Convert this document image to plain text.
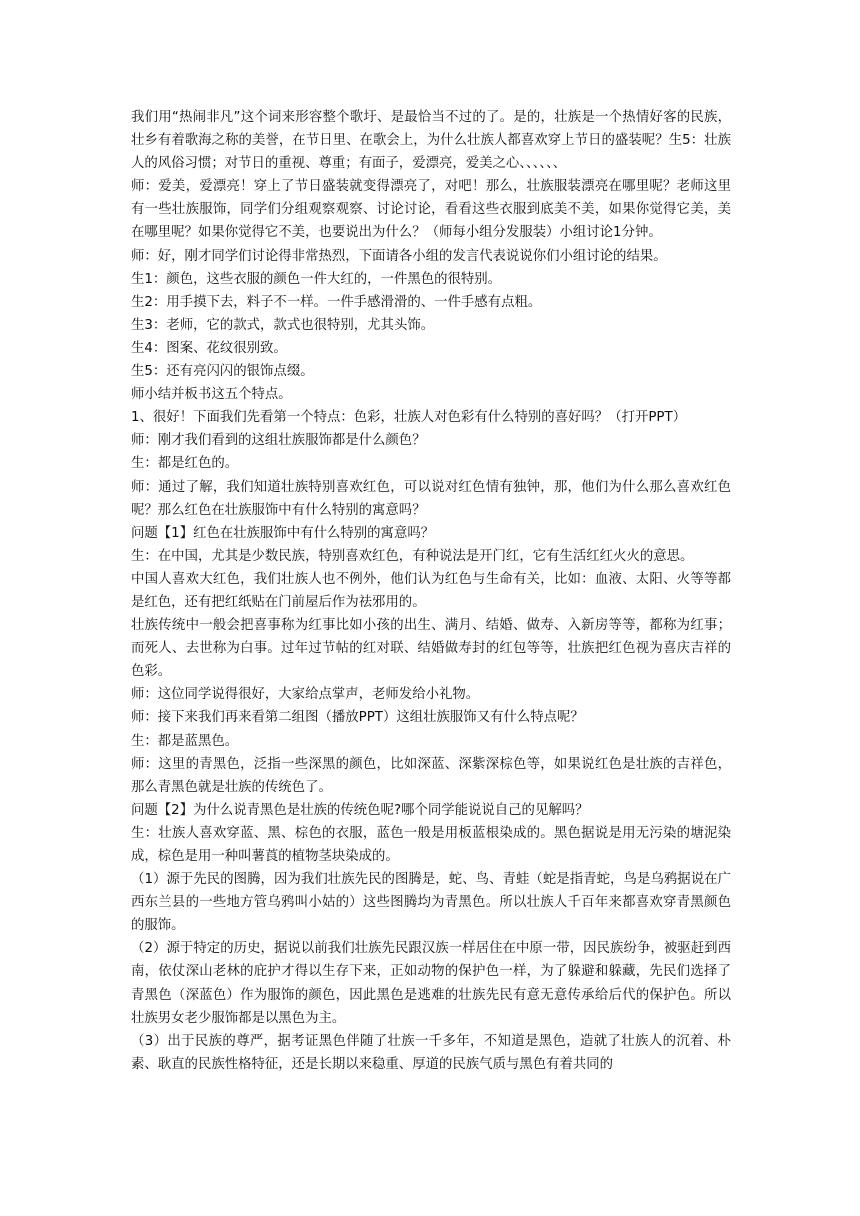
我们用“热闹非凡”这个词来形容整个歌圩、是最恰当不过的了。是的，壮族是一个热情好客的民族，壮乡有着歌海之称的美誉，在节日里、在歌会上，为什么壮族人都喜欢穿上节日的盛装呢？生5：壮族人的风俗习惯；对节日的重视、尊重；有面子，爱漂亮，爱美之心、、、、、、

师：爱美，爱漂亮！穿上了节日盛装就变得漂亮了，对吧！那么，壮族服装漂亮在哪里呢？老师这里有一些壮族服饰，同学们分组观察观察、讨论讨论，看看这些衣服到底美不美，如果你觉得它美，美在哪里呢？如果你觉得它不美，也要说出为什么？（师每小组分发服装）小组讨论1分钟。

师：好，刚才同学们讨论得非常热烈，下面请各小组的发言代表说说你们小组讨论的结果。

生1：颜色，这些衣服的颜色一件大红的，一件黑色的很特别。

生2：用手摸下去，料子不一样。一件手感滑滑的、一件手感有点粗。

生3：老师，它的款式，款式也很特别，尤其头饰。

生4：图案、花纹很别致。

生5：还有亮闪闪的银饰点缀。

师小结并板书这五个特点。

1、很好！下面我们先看第一个特点：色彩，壮族人对色彩有什么特别的喜好吗？（打开PPT）

师：刚才我们看到的这组壮族服饰都是什么颜色？

生：都是红色的。

师：通过了解，我们知道壮族特别喜欢红色，可以说对红色情有独钟，那，他们为什么那么喜欢红色呢？那么红色在壮族服饰中有什么特别的寓意吗？

问题【1】红色在壮族服饰中有什么特别的寓意吗？

生：在中国，尤其是少数民族，特别喜欢红色，有种说法是开门红，它有生活红红火火的意思。

中国人喜欢大红色，我们壮族人也不例外，他们认为红色与生命有关，比如：血液、太阳、火等等都是红色，还有把红纸贴在门前屋后作为祛邪用的。

壮族传统中一般会把喜事称为红事比如小孩的出生、满月、结婚、做寿、入新房等等，都称为红事；而死人、去世称为白事。过年过节帖的红对联、结婚做寿封的红包等等，壮族把红色视为喜庆吉祥的色彩。

师：这位同学说得很好，大家给点掌声，老师发给小礼物。

师：接下来我们再来看第二组图（播放PPT）这组壮族服饰又有什么特点呢？

生：都是蓝黑色。

师：这里的青黑色，泛指一些深黑的颜色，比如深蓝、深紫深棕色等，如果说红色是壮族的吉祥色，那么青黑色就是壮族的传统色了。

问题【2】为什么说青黑色是壮族的传统色呢?哪个同学能说说自己的见解吗？

生：壮族人喜欢穿蓝、黑、棕色的衣服，蓝色一般是用板蓝根染成的。黑色据说是用无污染的塘泥染成，棕色是用一种叫薯莨的植物茎块染成的。

（1）源于先民的图腾，因为我们壮族先民的图腾是，蛇、鸟、青蛙（蛇是指青蛇，鸟是乌鸦据说在广西东兰县的一些地方管乌鸦叫小姑的）这些图腾均为青黑色。所以壮族人千百年来都喜欢穿青黑颜色的服饰。

（2）源于特定的历史，据说以前我们壮族先民跟汉族一样居住在中原一带，因民族纷争，被驱赶到西南，依仗深山老林的庇护才得以生存下来，正如动物的保护色一样，为了躲避和躲藏，先民们选择了青黑色（深蓝色）作为服饰的颜色，因此黑色是逃难的壮族先民有意无意传承给后代的保护色。所以壮族男女老少服饰都是以黑色为主。

（3）出于民族的尊严，据考证黑色伴随了壮族一千多年，不知道是黑色，造就了壮族人的沉着、朴素、耿直的民族性格特征，还是长期以来稳重、厚道的民族气质与黑色有着共同的
